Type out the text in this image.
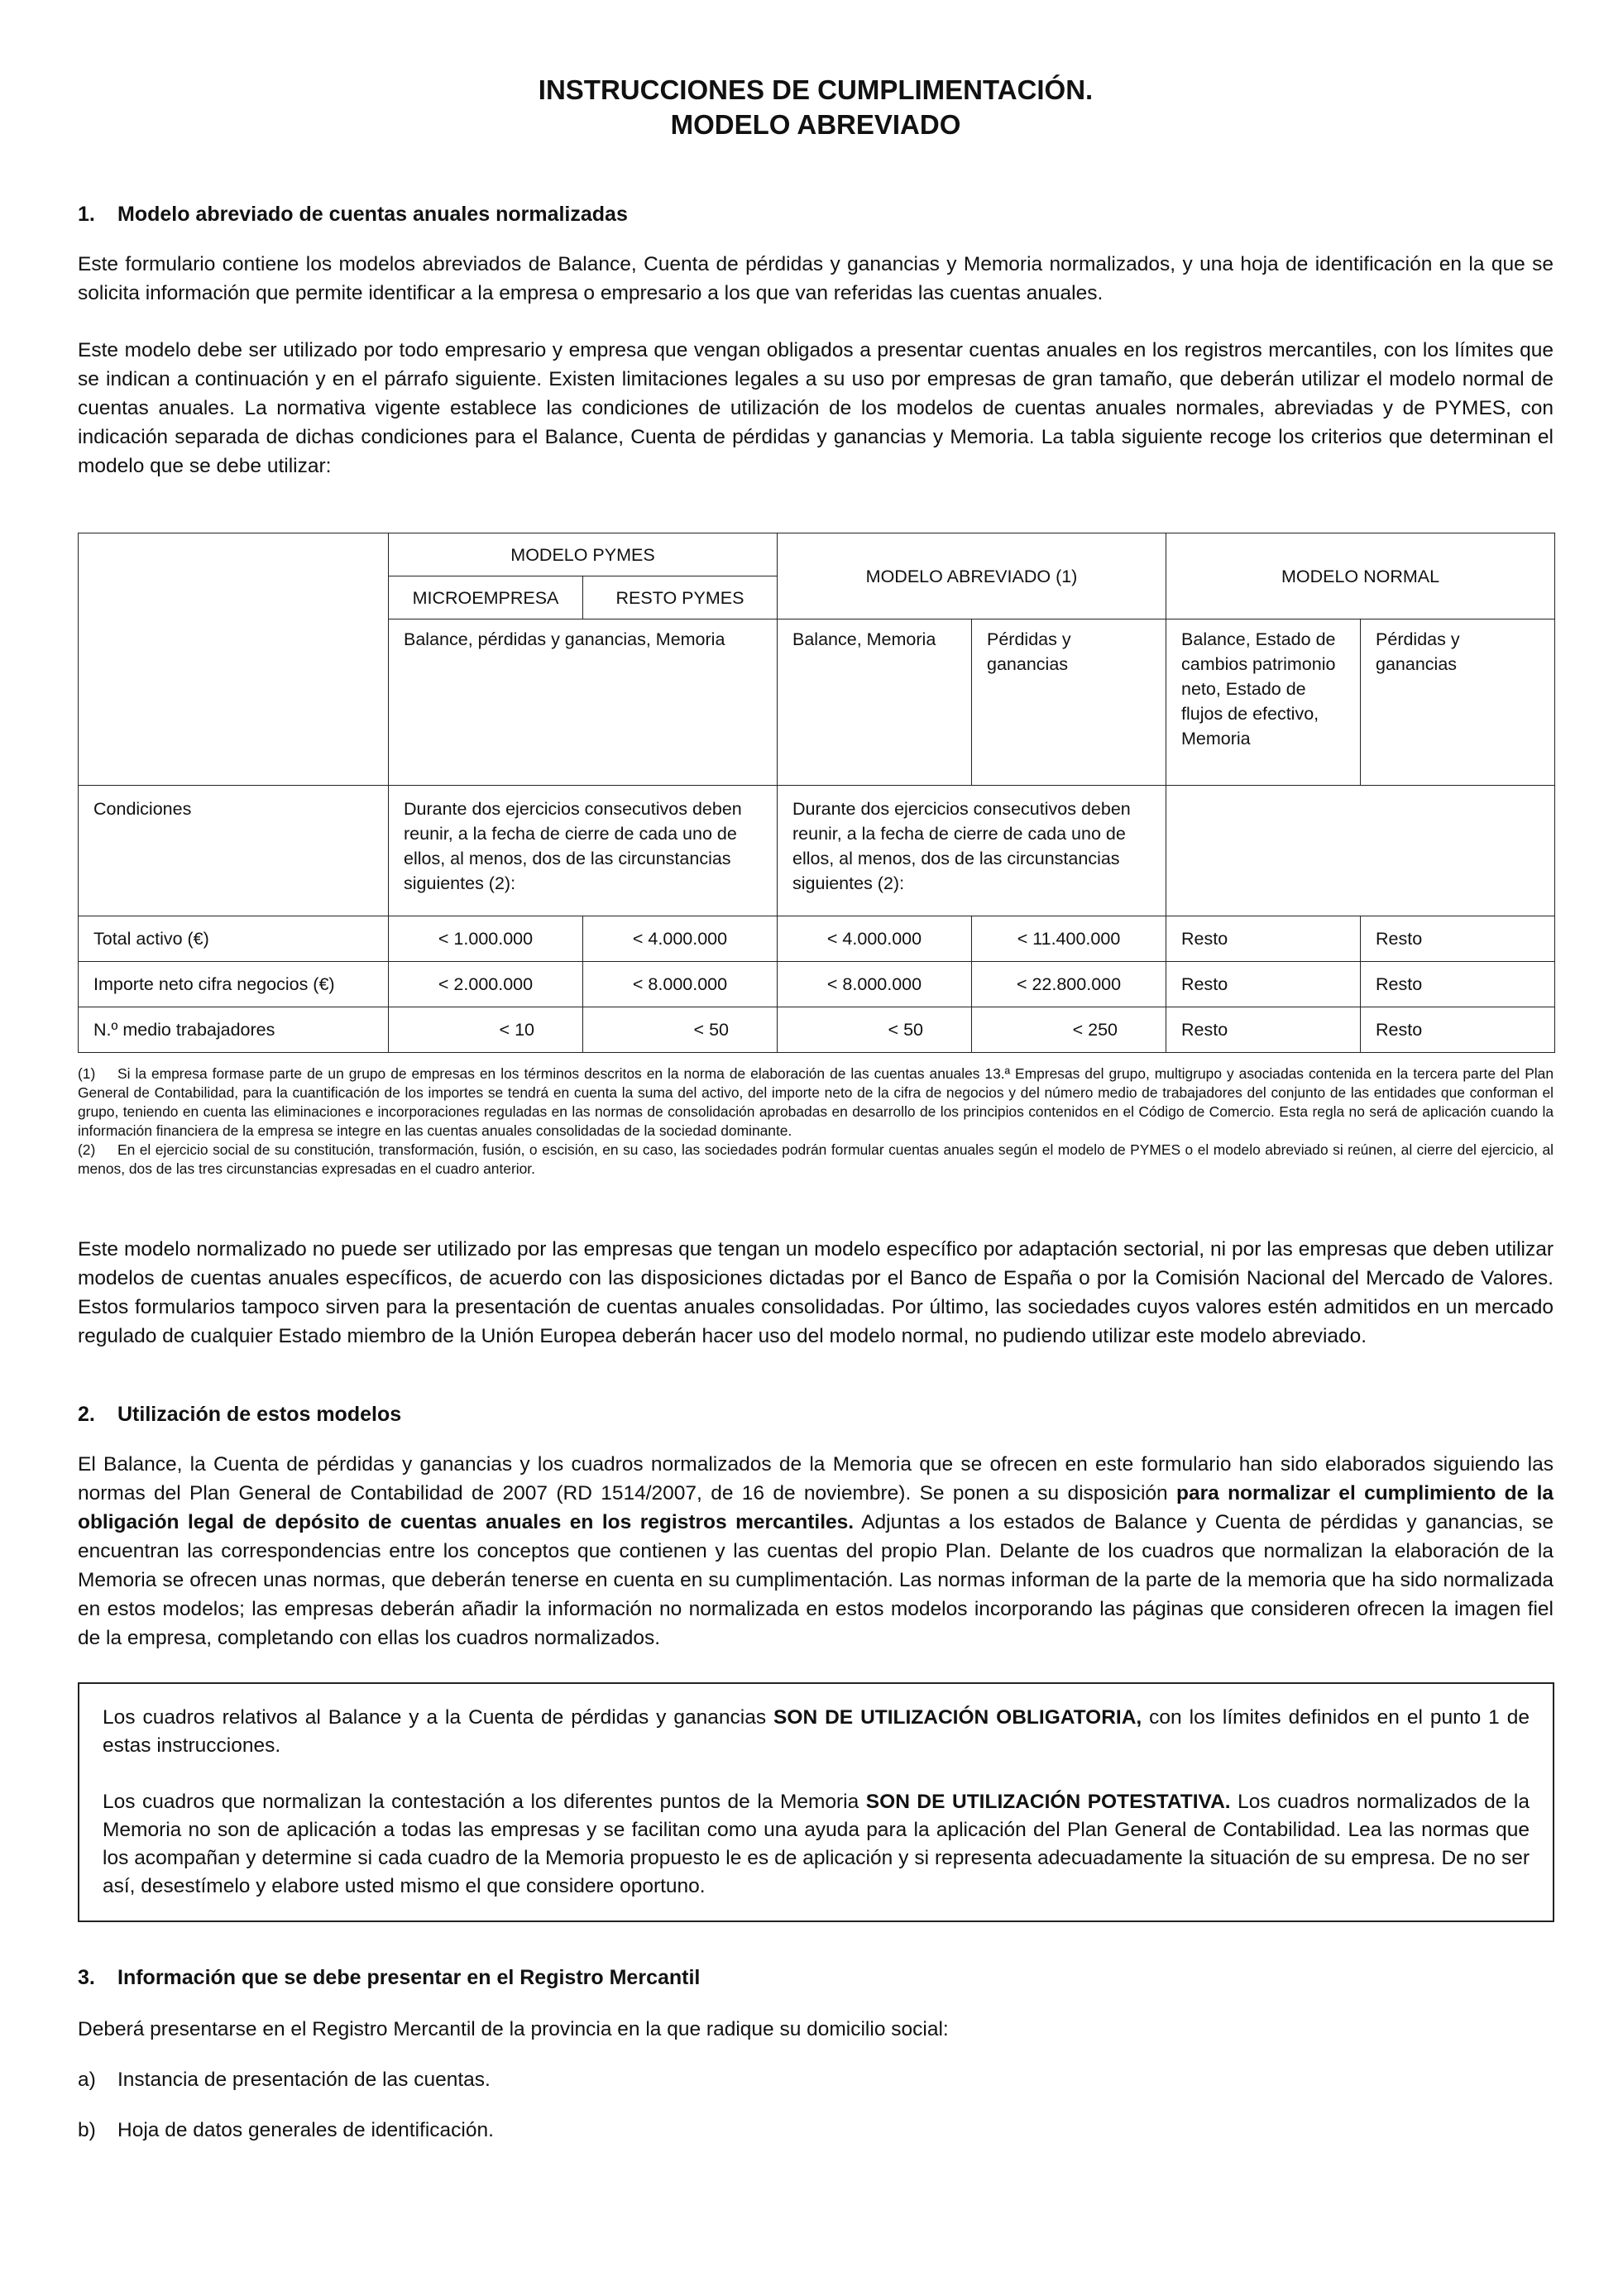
INSTRUCCIONES DE CUMPLIMENTACIÓN.
MODELO ABREVIADO
1. Modelo abreviado de cuentas anuales normalizadas

Este formulario contiene los modelos abreviados de Balance, Cuenta de pérdidas y ganancias y Memoria normalizados, y una hoja de identificación en la que se solicita información que permite identificar a la empresa o empresario a los que van referidas las cuentas anuales.

Este modelo debe ser utilizado por todo empresario y empresa que vengan obligados a presentar cuentas anuales en los registros mercantiles, con los límites que se indican a continuación y en el párrafo siguiente. Existen limitaciones legales a su uso por empresas de gran tamaño, que deberán utilizar el modelo normal de cuentas anuales. La normativa vigente establece las condiciones de utilización de los modelos de cuentas anuales normales, abreviadas y de PYMES, con indicación separada de dichas condiciones para el Balance, Cuenta de pérdidas y ganancias y Memoria. La tabla siguiente recoge los criterios que determinan el modelo que se debe utilizar:

	MODELO PYMES		MODELO ABREVIADO (1)		MODELO NORMAL	
	MICROEMPRESA	RESTO PYMES				
	Balance, pérdidas y ganancias, Memoria		Balance, Memoria	Pérdidas y ganancias	Balance, Estado de cambios patrimonio neto, Estado de flujos de efectivo, Memoria	Pérdidas y ganancias
Condiciones	Durante dos ejercicios consecutivos deben reunir, a la fecha de cierre de cada uno de ellos, al menos, dos de las circunstancias siguientes (2):		Durante dos ejercicios consecutivos deben reunir, a la fecha de cierre de cada uno de ellos, al menos, dos de las circunstancias siguientes (2):			
Total activo (€)	< 1.000.000	< 4.000.000	< 4.000.000	< 11.400.000	Resto	Resto
Importe neto cifra negocios (€)	< 2.000.000	< 8.000.000	< 8.000.000	< 22.800.000	Resto	Resto
N.º medio trabajadores	< 10	< 50	< 50	< 250	Resto	Resto
(1) Si la empresa formase parte de un grupo de empresas en los términos descritos en la norma de elaboración de las cuentas anuales 13.ª Empresas del grupo, multigrupo y asociadas contenida en la tercera parte del Plan General de Contabilidad, para la cuantificación de los importes se tendrá en cuenta la suma del activo, del importe neto de la cifra de negocios y del número medio de trabajadores del conjunto de las entidades que conforman el grupo, teniendo en cuenta las eliminaciones e incorporaciones reguladas en las normas de consolidación aprobadas en desarrollo de los principios contenidos en el Código de Comercio. Esta regla no será de aplicación cuando la información financiera de la empresa se integre en las cuentas anuales consolidadas de la sociedad dominante.
(2) En el ejercicio social de su constitución, transformación, fusión, o escisión, en su caso, las sociedades podrán formular cuentas anuales según el modelo de PYMES o el modelo abreviado si reúnen, al cierre del ejercicio, al menos, dos de las tres circunstancias expresadas en el cuadro anterior.

Este modelo normalizado no puede ser utilizado por las empresas que tengan un modelo específico por adaptación sectorial, ni por las empresas que deben utilizar modelos de cuentas anuales específicos, de acuerdo con las disposiciones dictadas por el Banco de España o por la Comisión Nacional del Mercado de Valores. Estos formularios tampoco sirven para la presentación de cuentas anuales consolidadas. Por último, las sociedades cuyos valores estén admitidos en un mercado regulado de cualquier Estado miembro de la Unión Europea deberán hacer uso del modelo normal, no pudiendo utilizar este modelo abreviado.

2. Utilización de estos modelos

El Balance, la Cuenta de pérdidas y ganancias y los cuadros normalizados de la Memoria que se ofrecen en este formulario han sido elaborados siguiendo las normas del Plan General de Contabilidad de 2007 (RD 1514/2007, de 16 de noviembre). Se ponen a su disposición para normalizar el cumplimiento de la obligación legal de depósito de cuentas anuales en los registros mercantiles. Adjuntas a los estados de Balance y Cuenta de pérdidas y ganancias, se encuentran las correspondencias entre los conceptos que contienen y las cuentas del propio Plan. Delante de los cuadros que normalizan la elaboración de la Memoria se ofrecen unas normas, que deberán tenerse en cuenta en su cumplimentación. Las normas informan de la parte de la memoria que ha sido normalizada en estos modelos; las empresas deberán añadir la información no normalizada en estos modelos incorporando las páginas que consideren ofrecen la imagen fiel de la empresa, completando con ellas los cuadros normalizados.

Los cuadros relativos al Balance y a la Cuenta de pérdidas y ganancias SON DE UTILIZACIÓN OBLIGATORIA, con los límites definidos en el punto 1 de estas instrucciones.

Los cuadros que normalizan la contestación a los diferentes puntos de la Memoria SON DE UTILIZACIÓN POTESTATIVA. Los cuadros normalizados de la Memoria no son de aplicación a todas las empresas y se facilitan como una ayuda para la aplicación del Plan General de Contabilidad. Lea las normas que los acompañan y determine si cada cuadro de la Memoria propuesto le es de aplicación y si representa adecuadamente la situación de su empresa. De no ser así, desestímelo y elabore usted mismo el que considere oportuno.

3. Información que se debe presentar en el Registro Mercantil

Deberá presentarse en el Registro Mercantil de la provincia en la que radique su domicilio social:

a) Instancia de presentación de las cuentas.
b) Hoja de datos generales de identificación.
